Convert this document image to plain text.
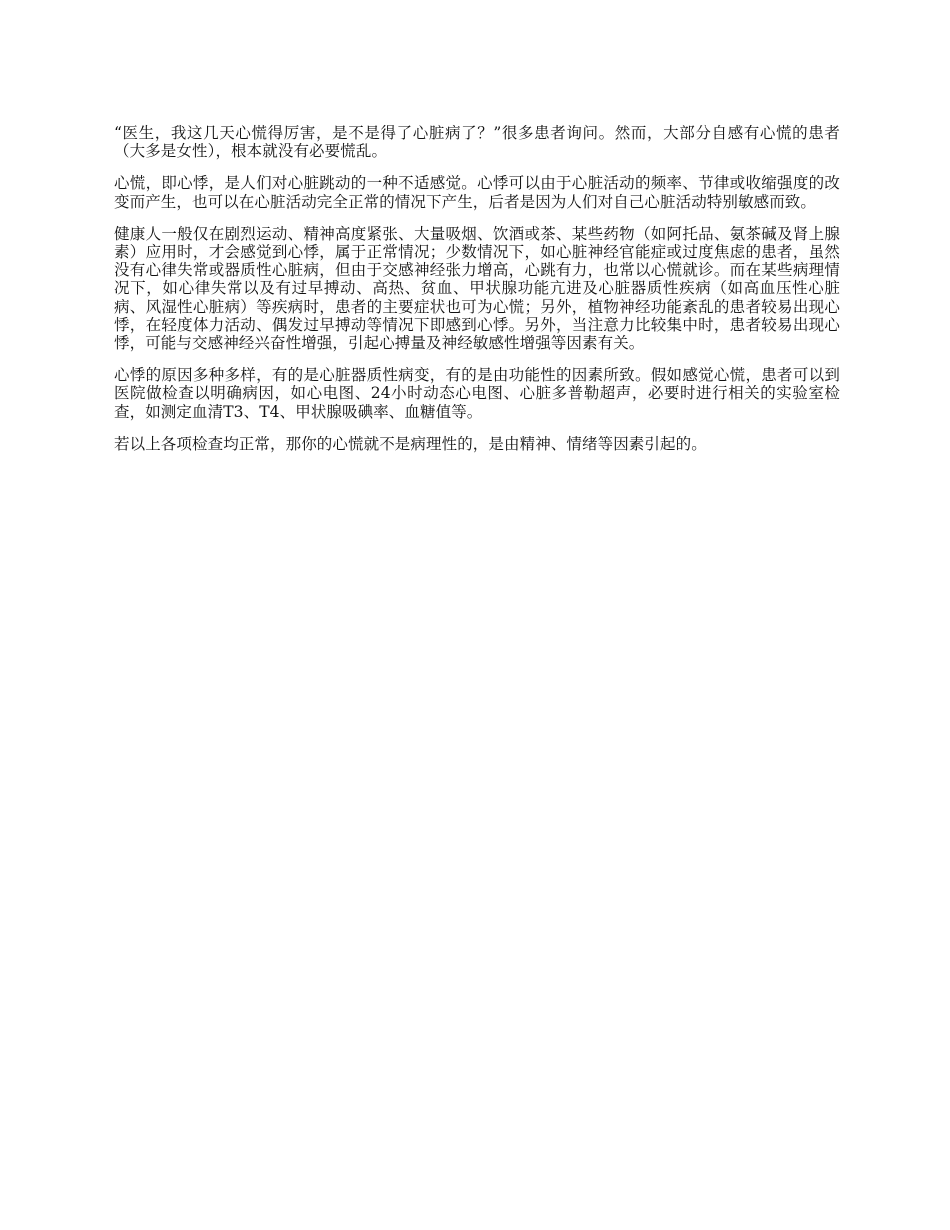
“医生，我这几天心慌得厉害，是不是得了心脏病了？”很多患者询问。然而，大部分自感有心慌的患者（大多是女性），根本就没有必要慌乱。

心慌，即心悸，是人们对心脏跳动的一种不适感觉。心悸可以由于心脏活动的频率、节律或收缩强度的改变而产生，也可以在心脏活动完全正常的情况下产生，后者是因为人们对自己心脏活动特别敏感而致。

健康人一般仅在剧烈运动、精神高度紧张、大量吸烟、饮酒或茶、某些药物（如阿托品、氨茶碱及肾上腺素）应用时，才会感觉到心悸，属于正常情况；少数情况下，如心脏神经官能症或过度焦虑的患者，虽然没有心律失常或器质性心脏病，但由于交感神经张力增高，心跳有力，也常以心慌就诊。而在某些病理情况下，如心律失常以及有过早搏动、高热、贫血、甲状腺功能亢进及心脏器质性疾病（如高血压性心脏病、风湿性心脏病）等疾病时，患者的主要症状也可为心慌；另外，植物神经功能紊乱的患者较易出现心悸，在轻度体力活动、偶发过早搏动等情况下即感到心悸。另外，当注意力比较集中时，患者较易出现心悸，可能与交感神经兴奋性增强，引起心搏量及神经敏感性增强等因素有关。

心悸的原因多种多样，有的是心脏器质性病变，有的是由功能性的因素所致。假如感觉心慌，患者可以到医院做检查以明确病因，如心电图、24小时动态心电图、心脏多普勒超声，必要时进行相关的实验室检查，如测定血清T3、T4、甲状腺吸碘率、血糖值等。

若以上各项检查均正常，那你的心慌就不是病理性的，是由精神、情绪等因素引起的。
